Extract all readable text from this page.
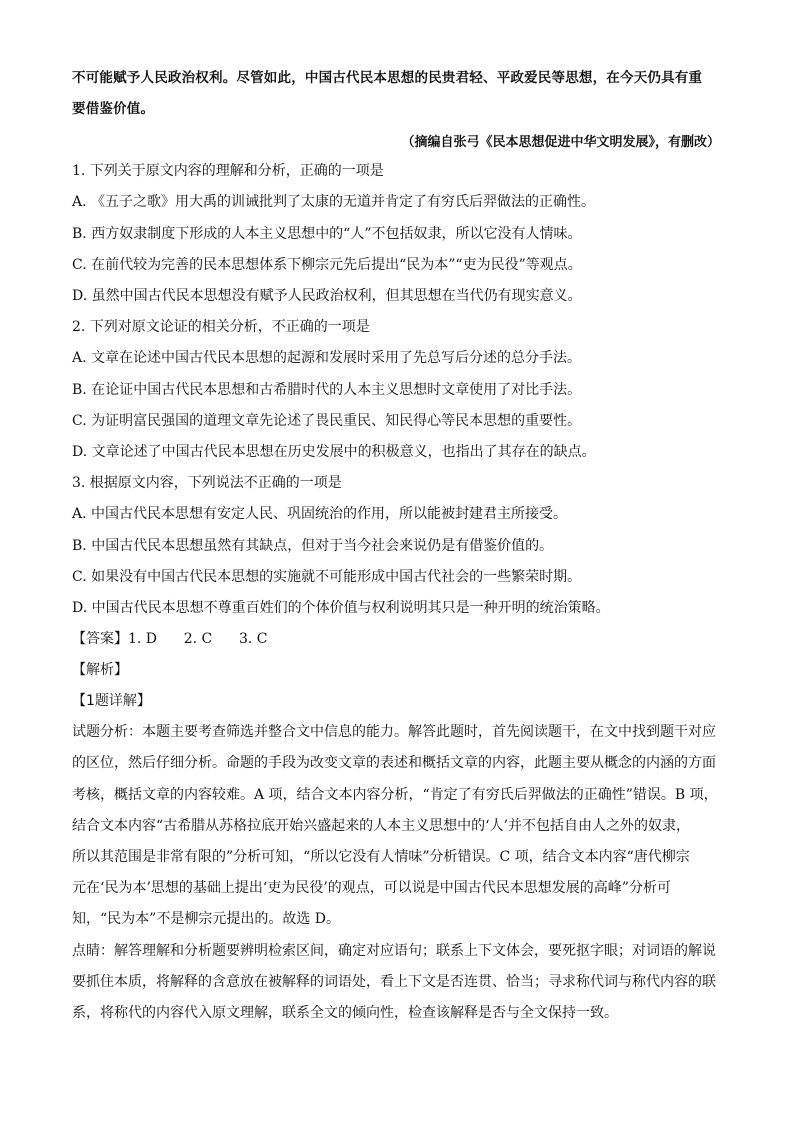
不可能赋予人民政治权利。尽管如此，中国古代民本思想的民贵君轻、平政爱民等思想，在今天仍具有重
要借鉴价值。
（摘编自张弓《民本思想促进中华文明发展》，有删改）
1. 下列关于原文内容的理解和分析，正确的一项是
A. 《五子之歌》用大禹的训诫批判了太康的无道并肯定了有穷氏后羿做法的正确性。
B. 西方奴隶制度下形成的人本主义思想中的“人”不包括奴隶，所以它没有人情味。
C. 在前代较为完善的民本思想体系下柳宗元先后提出“民为本”“吏为民役”等观点。
D. 虽然中国古代民本思想没有赋予人民政治权利，但其思想在当代仍有现实意义。
2. 下列对原文论证的相关分析，不正确的一项是
A. 文章在论述中国古代民本思想的起源和发展时采用了先总写后分述的总分手法。
B. 在论证中国古代民本思想和古希腊时代的人本主义思想时文章使用了对比手法。
C. 为证明富民强国的道理文章先论述了畏民重民、知民得心等民本思想的重要性。
D. 文章论述了中国古代民本思想在历史发展中的积极意义，也指出了其存在的缺点。
3. 根据原文内容，下列说法不正确的一项是
A. 中国古代民本思想有安定人民、巩固统治的作用，所以能被封建君主所接受。
B. 中国古代民本思想虽然有其缺点，但对于当今社会来说仍是有借鉴价值的。
C. 如果没有中国古代民本思想的实施就不可能形成中国古代社会的一些繁荣时期。
D. 中国古代民本思想不尊重百姓们的个体价值与权利说明其只是一种开明的统治策略。
【答案】1. D      2. C      3. C
【解析】
【1题详解】
试题分析：本题主要考查筛选并整合文中信息的能力。解答此题时，首先阅读题干，在文中找到题干对应
的区位，然后仔细分析。命题的手段为改变文章的表述和概括文章的内容，此题主要从概念的内涵的方面
考核，概括文章的内容较难。A 项，结合文本内容分析，“肯定了有穷氏后羿做法的正确性”错误。B 项，
结合文本内容“古希腊从苏格拉底开始兴盛起来的人本主义思想中的‘人’并不包括自由人之外的奴隶，
所以其范围是非常有限的”分析可知，“所以它没有人情味”分析错误。C 项，结合文本内容“唐代柳宗
元在‘民为本’思想的基础上提出‘吏为民役’的观点，可以说是中国古代民本思想发展的高峰”分析可
知，“民为本”不是柳宗元提出的。故选 D。
点睛：解答理解和分析题要辨明检索区间，确定对应语句；联系上下文体会，要死抠字眼；对词语的解说
要抓住本质，将解释的含意放在被解释的词语处，看上下文是否连贯、恰当；寻求称代词与称代内容的联
系，将称代的内容代入原文理解，联系全文的倾向性，检查该解释是否与全文保持一致。
